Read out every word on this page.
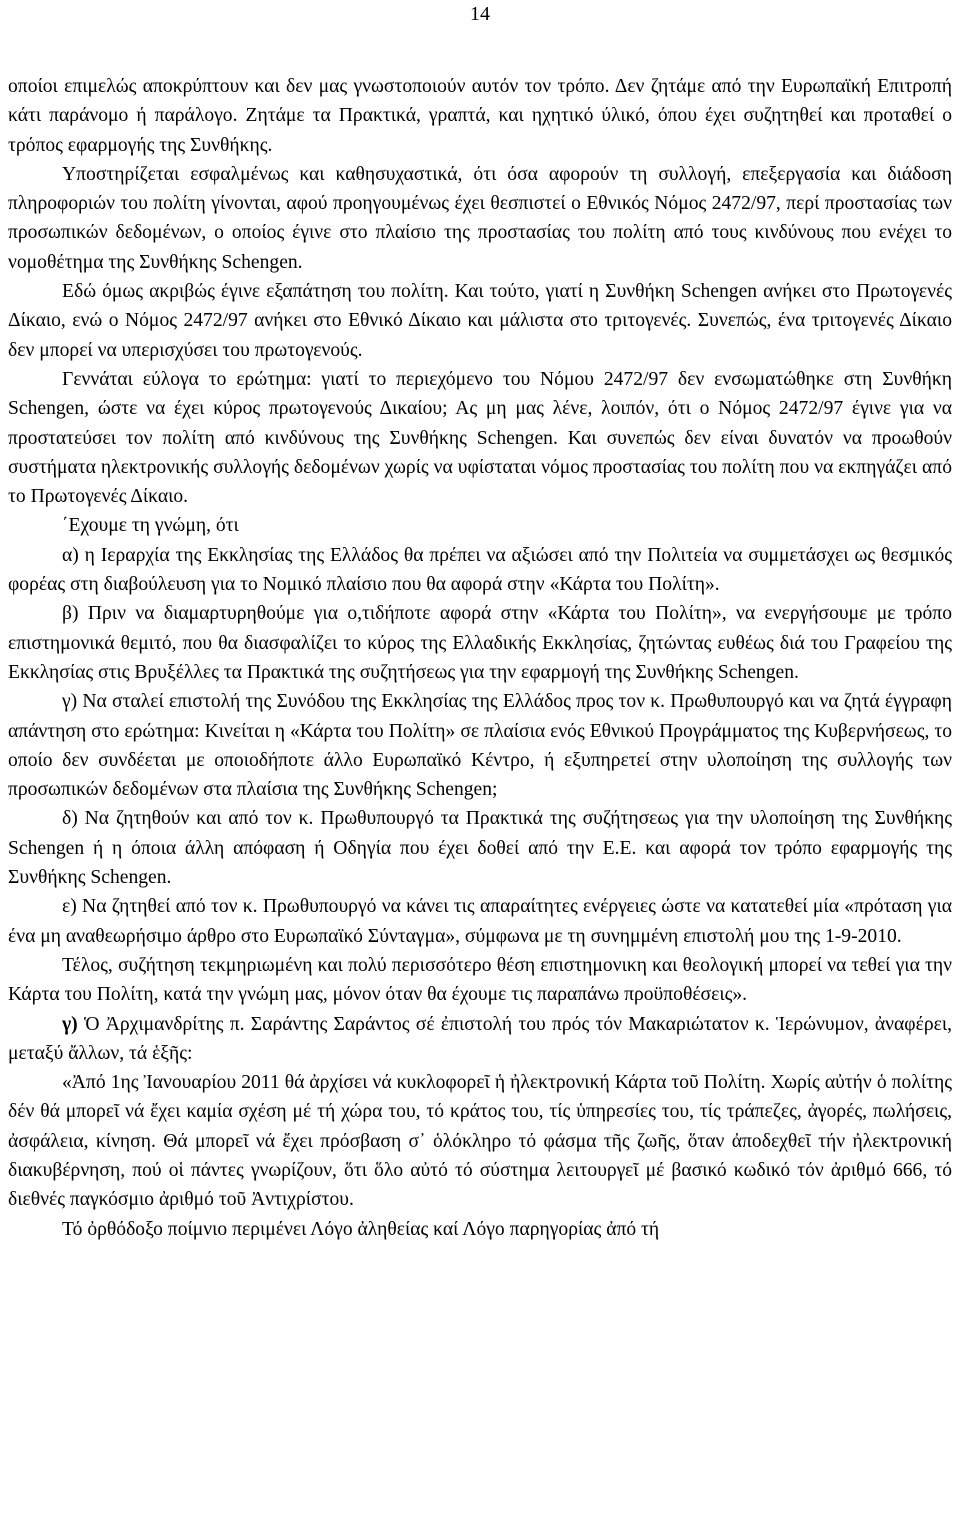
14

οποίοι επιμελώς αποκρύπτουν και δεν μας γνωστοποιούν αυτόν τον τρόπο. Δεν ζητάμε από την Ευρωπαϊκή Επιτροπή κάτι παράνομο ή παράλογο. Ζητάμε τα Πρακτικά, γραπτά, και ηχητικό ύλικό, όπου έχει συζητηθεί και προταθεί ο τρόπος εφαρμογής της Συνθήκης.

Υποστηρίζεται εσφαλμένως και καθησυχαστικά, ότι όσα αφορούν τη συλλογή, επεξεργασία και διάδοση πληροφοριών του πολίτη γίνονται, αφού προηγουμένως έχει θεσπιστεί ο Εθνικός Νόμος 2472/97, περί προστασίας των προσωπικών δεδομένων, ο οποίος έγινε στο πλαίσιο της προστασίας του πολίτη από τους κινδύνους που ενέχει το νομοθέτημα της Συνθήκης Schengen.

Εδώ όμως ακριβώς έγινε εξαπάτηση του πολίτη. Και τούτο, γιατί η Συνθήκη Schengen ανήκει στο Πρωτογενές Δίκαιο, ενώ ο Νόμος 2472/97 ανήκει στο Εθνικό Δίκαιο και μάλιστα στο τριτογενές. Συνεπώς, ένα τριτογενές Δίκαιο δεν μπορεί να υπερισχύσει του πρωτογενούς.

Γεννάται εύλογα το ερώτημα: γιατί το περιεχόμενο του Νόμου 2472/97 δεν ενσωματώθηκε στη Συνθήκη Schengen, ώστε να έχει κύρος πρωτογενούς Δικαίου; Ας μη μας λένε, λοιπόν, ότι ο Νόμος 2472/97 έγινε για να προστατεύσει τον πολίτη από κινδύνους της Συνθήκης Schengen. Και συνεπώς δεν είναι δυνατόν να προωθούν συστήματα ηλεκτρονικής συλλογής δεδομένων χωρίς να υφίσταται νόμος προστασίας του πολίτη που να εκπηγάζει από το Πρωτογενές Δίκαιο.

΄Εχουμε τη γνώμη, ότι

α) η Ιεραρχία της Εκκλησίας της Ελλάδος θα πρέπει να αξιώσει από την Πολιτεία να συμμετάσχει ως θεσμικός φορέας στη διαβούλευση για το Νομικό πλαίσιο που θα αφορά στην «Κάρτα του Πολίτη».

β) Πριν να διαμαρτυρηθούμε για ο,τιδήποτε αφορά στην «Κάρτα του Πολίτη», να ενεργήσουμε με τρόπο επιστημονικά θεμιτό, που θα διασφαλίζει το κύρος της Ελλαδικής Εκκλησίας, ζητώντας ευθέως διά του Γραφείου της Εκκλησίας στις Βρυξέλλες τα Πρακτικά της συζητήσεως για την εφαρμογή της Συνθήκης Schengen.

γ) Να σταλεί επιστολή της Συνόδου της Εκκλησίας της Ελλάδος προς τον κ. Πρωθυπουργό και να ζητά έγγραφη απάντηση στο ερώτημα: Κινείται η «Κάρτα του Πολίτη» σε πλαίσια ενός Εθνικού Προγράμματος της Κυβερνήσεως, το οποίο δεν συνδέεται με οποιοδήποτε άλλο Ευρωπαϊκό Κέντρο, ή εξυπηρετεί στην υλοποίηση της συλλογής των προσωπικών δεδομένων στα πλαίσια της Συνθήκης Schengen;

δ) Να ζητηθούν και από τον κ. Πρωθυπουργό τα Πρακτικά της συζήτησεως για την υλοποίηση της Συνθήκης Schengen ή η όποια άλλη απόφαση ή Οδηγία που έχει δοθεί από την Ε.Ε. και αφορά τον τρόπο εφαρμογής της Συνθήκης Schengen.

ε) Να ζητηθεί από τον κ. Πρωθυπουργό να κάνει τις απαραίτητες ενέργειες ώστε να κατατεθεί μία «πρόταση για ένα μη αναθεωρήσιμο άρθρο στο Ευρωπαϊκό Σύνταγμα», σύμφωνα με τη συνημμένη επιστολή μου της 1-9-2010.

Τέλος, συζήτηση τεκμηριωμένη και πολύ περισσότερο θέση επιστημονικη και θεολογική μπορεί να τεθεί για την Κάρτα του Πολίτη, κατά την γνώμη μας, μόνον όταν θα έχουμε τις παραπάνω προϋποθέσεις».

γ) Ὁ Ἀρχιμανδρίτης π. Σαράντης Σαράντος σέ ἐπιστολή του πρός τόν Μακαριώτατον κ. Ἱερώνυμον, ἀναφέρει, μεταξύ ἄλλων, τά ἑξῆς:

«Ἀπό 1ης Ἰανουαρίου 2011 θά ἀρχίσει νά κυκλοφορεῖ ἡ ἠλεκτρονική Κάρτα τοῦ Πολίτη. Χωρίς αὐτήν ὁ πολίτης δέν θά μπορεῖ νά ἔχει καμία σχέση μέ τή χώρα του, τό κράτος του, τίς ὑπηρεσίες του, τίς τράπεζες, ἀγορές, πωλήσεις, ἀσφάλεια, κίνηση. Θά μπορεῖ νά ἔχει πρόσβαση σ᾿ ὁλόκληρο τό φάσμα τῆς ζωῆς, ὅταν ἀποδεχθεῖ τήν ἠλεκτρονική διακυβέρνηση, πού οἱ πάντες γνωρίζουν, ὅτι ὅλο αὐτό τό σύστημα λειτουργεῖ μέ βασικό κωδικό τόν ἀριθμό 666, τό διεθνές παγκόσμιο ἀριθμό τοῦ Ἀντιχρίστου.

Τό ὀρθόδοξο ποίμνιο περιμένει Λόγο ἀληθείας καί Λόγο παρηγορίας ἀπό τή
